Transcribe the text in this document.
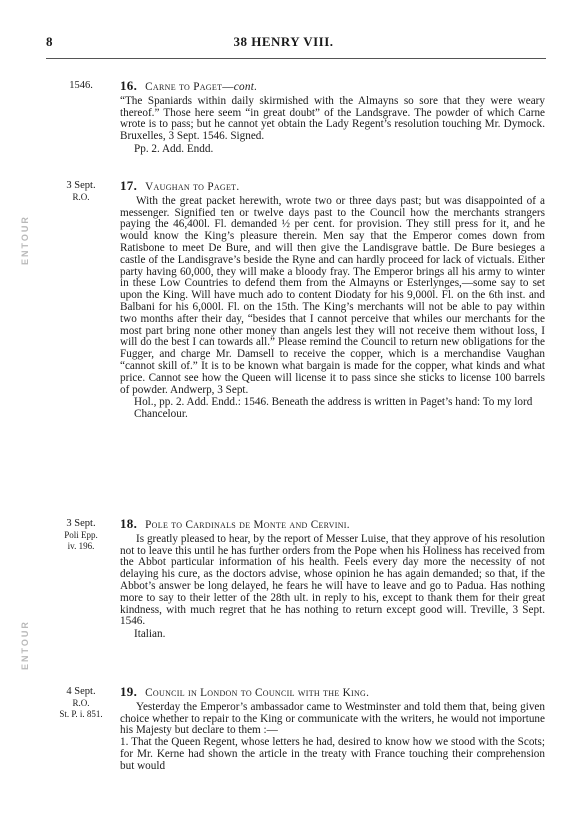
8	38 HENRY VIII.
ENTOUR
ENTOUR
1546.	16. Carne to Paget—cont.

“The Spaniards within daily skirmished with the Almayns so sore that they were weary thereof.” Those here seem “in great doubt” of the Landsgrave. The powder of which Carne wrote is to pass; but he cannot yet obtain the Lady Regent’s resolution touching Mr. Dymock. Bruxelles, 3 Sept. 1546. Signed.

Pp. 2. Add. Endd.
3 Sept.
R.O.
17. Vaughan to Paget.

With the great packet herewith, wrote two or three days past; but was disappointed of a messenger. Signified ten or twelve days past to the Council how the merchants strangers paying the 46,400l. Fl. demanded ½ per cent. for provision. They still press for it, and he would know the King’s pleasure therein. Men say that the Emperor comes down from Ratisbone to meet De Bure, and will then give the Landisgrave battle. De Bure besieges a castle of the Landisgrave’s beside the Ryne and can hardly proceed for lack of victuals. Either party having 60,000, they will make a bloody fray. The Emperor brings all his army to winter in these Low Countries to defend them from the Almayns or Esterlynges,—some say to set upon the King. Will have much ado to content Diodaty for his 9,000l. Fl. on the 6th inst. and Balbani for his 6,000l. Fl. on the 15th. The King’s merchants will not be able to pay within two months after their day, “besides that I cannot perceive that whiles our merchants for the most part bring none other money than angels lest they will not receive them without loss, I will do the best I can towards all.” Please remind the Council to return new obligations for the Fugger, and charge Mr. Damsell to receive the copper, which is a merchandise Vaughan “cannot skill of.” It is to be known what bargain is made for the copper, what kinds and what price. Cannot see how the Queen will license it to pass since she sticks to license 100 barrels of powder. Andwerp, 3 Sept.

Hol., pp. 2. Add. Endd.: 1546. Beneath the address is written in Paget’s hand: To my lord Chancelour.
3 Sept.
Poli Epp.
iv. 196.
18. Pole to Cardinals de Monte and Cervini.

Is greatly pleased to hear, by the report of Messer Luise, that they approve of his resolution not to leave this until he has further orders from the Pope when his Holiness has received from the Abbot particular information of his health. Feels every day more the necessity of not delaying his cure, as the doctors advise, whose opinion he has again demanded; so that, if the Abbot’s answer be long delayed, he fears he will have to leave and go to Padua. Has nothing more to say to their letter of the 28th ult. in reply to his, except to thank them for their great kindness, with much regret that he has nothing to return except good will. Treville, 3 Sept. 1546.

Italian.
4 Sept.
R.O.
St. P. i. 851.
19. Council in London to Council with the King.

Yesterday the Emperor’s ambassador came to Westminster and told them that, being given choice whether to repair to the King or communicate with the writers, he would not importune his Majesty but declare to them :—

1. That the Queen Regent, whose letters he had, desired to know how we stood with the Scots; for Mr. Kerne had shown the article in the treaty with France touching their comprehension but would
